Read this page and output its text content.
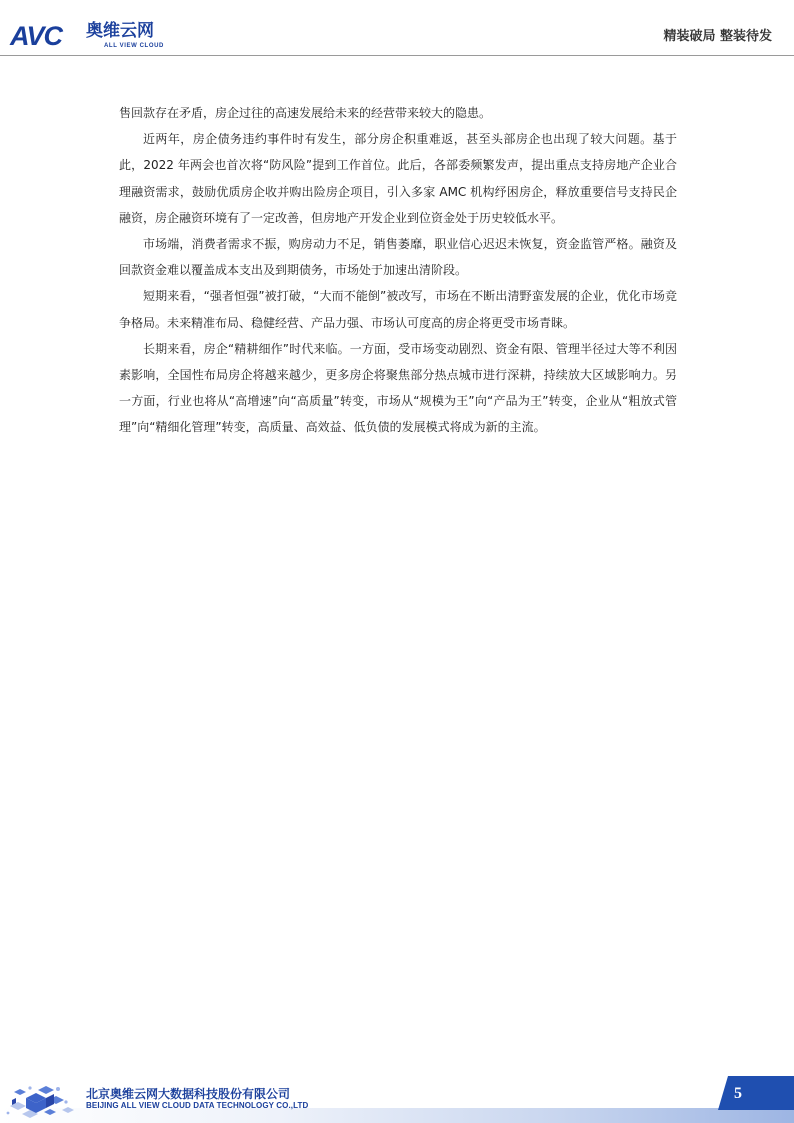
AVC 奥维云网
ALL VIEW CLOUD
精装破局 整装待发

售回款存在矛盾，房企过往的高速发展给未来的经营带来较大的隐患。

近两年，房企债务违约事件时有发生，部分房企积重难返，甚至头部房企也出现了较大问题。基于此，2022 年两会也首次将“防风险”提到工作首位。此后，各部委频繁发声，提出重点支持房地产企业合理融资需求，鼓励优质房企收并购出险房企项目，引入多家 AMC 机构纾困房企，释放重要信号支持民企融资，房企融资环境有了一定改善，但房地产开发企业到位资金处于历史较低水平。

市场端，消费者需求不振，购房动力不足，销售萎靡，职业信心迟迟未恢复，资金监管严格。融资及回款资金难以覆盖成本支出及到期债务，市场处于加速出清阶段。

短期来看，“强者恒强”被打破，“大而不能倒”被改写，市场在不断出清野蛮发展的企业，优化市场竞争格局。未来精准布局、稳健经营、产品力强、市场认可度高的房企将更受市场青睐。

长期来看，房企“精耕细作”时代来临。一方面，受市场变动剧烈、资金有限、管理半径过大等不利因素影响，全国性布局房企将越来越少，更多房企将聚焦部分热点城市进行深耕，持续放大区域影响力。另一方面，行业也将从“高增速”向“高质量”转变，市场从“规模为王”向“产品为王”转变，企业从“粗放式管理”向“精细化管理”转变，高质量、高效益、低负债的发展模式将成为新的主流。

北京奥维云网大数据科技股份有限公司
BEIJING ALL VIEW CLOUD DATA TECHNOLOGY CO.,LTD
5
